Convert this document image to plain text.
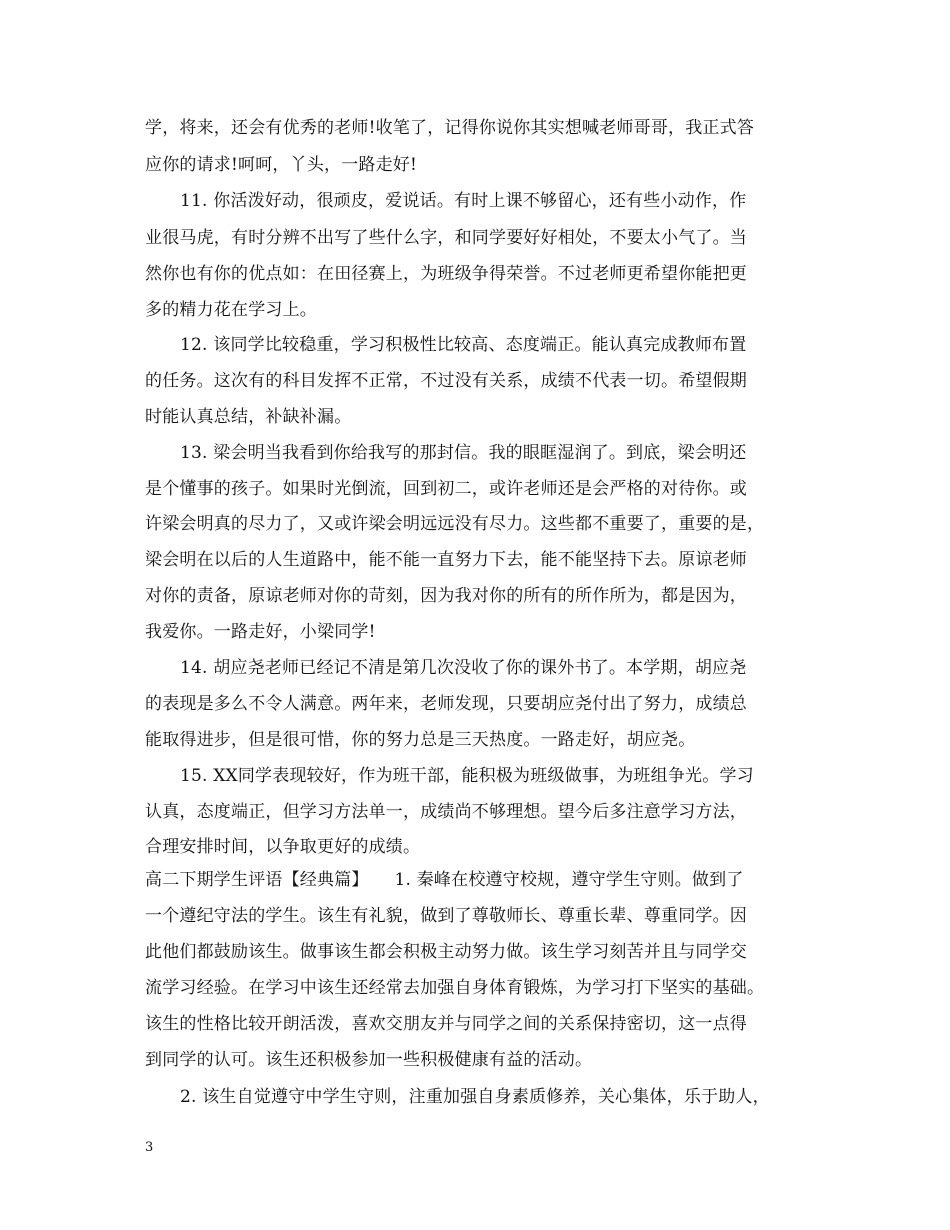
学，将来，还会有优秀的老师!收笔了，记得你说你其实想喊老师哥哥，我正式答
应你的请求!呵呵，丫头，一路走好!
11. 你活泼好动，很顽皮，爱说话。有时上课不够留心，还有些小动作，作
业很马虎，有时分辨不出写了些什么字，和同学要好好相处，不要太小气了。当
然你也有你的优点如：在田径赛上，为班级争得荣誉。不过老师更希望你能把更
多的精力花在学习上。
12. 该同学比较稳重，学习积极性比较高、态度端正。能认真完成教师布置
的任务。这次有的科目发挥不正常，不过没有关系，成绩不代表一切。希望假期
时能认真总结，补缺补漏。
13. 梁会明当我看到你给我写的那封信。我的眼眶湿润了。到底，梁会明还
是个懂事的孩子。如果时光倒流，回到初二，或许老师还是会严格的对待你。或
许梁会明真的尽力了，又或许梁会明远远没有尽力。这些都不重要了，重要的是，
梁会明在以后的人生道路中，能不能一直努力下去，能不能坚持下去。原谅老师
对你的责备，原谅老师对你的苛刻，因为我对你的所有的所作所为，都是因为，
我爱你。一路走好，小梁同学!
14. 胡应尧老师已经记不清是第几次没收了你的课外书了。本学期，胡应尧
的表现是多么不令人满意。两年来，老师发现，只要胡应尧付出了努力，成绩总
能取得进步，但是很可惜，你的努力总是三天热度。一路走好，胡应尧。
15. XX同学表现较好，作为班干部，能积极为班级做事，为班组争光。学习
认真，态度端正，但学习方法单一，成绩尚不够理想。望今后多注意学习方法，
合理安排时间，以争取更好的成绩。
高二下期学生评语【经典篇】　　1. 秦峰在校遵守校规，遵守学生守则。做到了
一个遵纪守法的学生。该生有礼貌，做到了尊敬师长、尊重长辈、尊重同学。因
此他们都鼓励该生。做事该生都会积极主动努力做。该生学习刻苦并且与同学交
流学习经验。在学习中该生还经常去加强自身体育锻炼，为学习打下坚实的基础。
该生的性格比较开朗活泼，喜欢交朋友并与同学之间的关系保持密切，这一点得
到同学的认可。该生还积极参加一些积极健康有益的活动。
2. 该生自觉遵守中学生守则，注重加强自身素质修养，关心集体，乐于助人，
3
